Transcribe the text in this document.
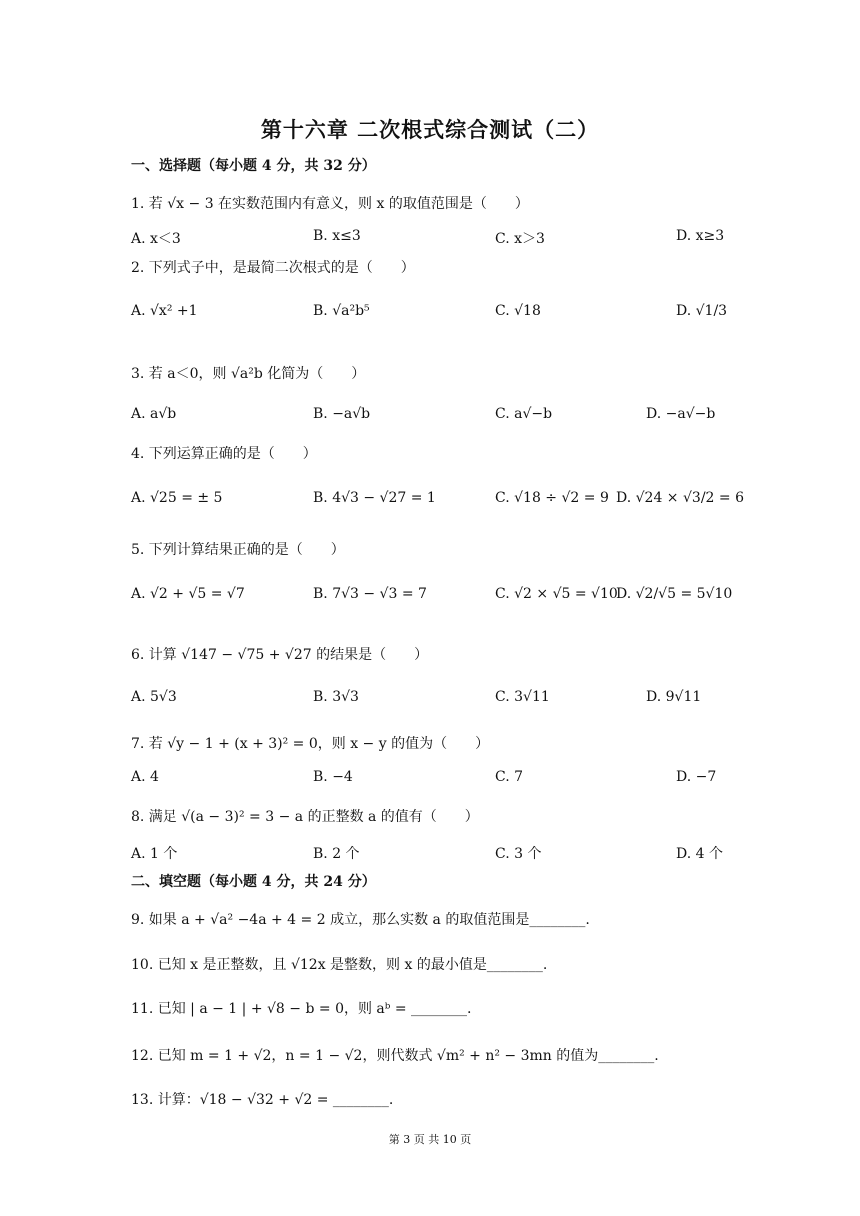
第十六章 二次根式综合测试（二）
一、选择题（每小题 4 分，共 32 分）
1. 若 √x − 3 在实数范围内有意义，则 x 的取值范围是（　　）
A. x＜3	B. x≤3	C. x＞3	D. x≥3
2. 下列式子中，是最简二次根式的是（　　）
A. √x² +1	B. √a²b⁵	C. √18	D. √1/3
3. 若 a＜0，则 √a²b 化简为（　　）
A. a√b	B. −a√b	C. a√−b	D. −a√−b
4. 下列运算正确的是（　　）
A. √25 = ± 5	B. 4√3 − √27 = 1	C. √18 ÷ √2 = 9 D. √24 × √3/2 = 6
5. 下列计算结果正确的是（　　）
A. √2 + √5 = √7	B. 7√3 − √3 = 7	C. √2 × √5 = √10
D. √2/√5 = 5√10
6. 计算 √147 − √75 + √27 的结果是（　　）
A. 5√3	B. 3√3	C. 3√11	D. 9√11
7. 若 √y − 1 + (x + 3)² = 0，则 x − y 的值为（　　）
A. 4	B. −4	C. 7	D. −7
8. 满足 √(a − 3)² = 3 − a 的正整数 a 的值有（　　）
A. 1 个	B. 2 个	C. 3 个	D. 4 个
二、填空题（每小题 4 分，共 24 分）
9. 如果 a + √a² −4a + 4 = 2 成立，那么实数 a 的取值范围是________.
10. 已知 x 是正整数，且 √12x 是整数，则 x 的最小值是________.
11. 已知 | a − 1 | + √8 − b = 0，则 aᵇ = ________.
12. 已知 m = 1 + √2，n = 1 − √2，则代数式 √m² + n² − 3mn 的值为________.
13. 计算：√18 − √32 + √2 = ________.
第 3 页 共 10 页
